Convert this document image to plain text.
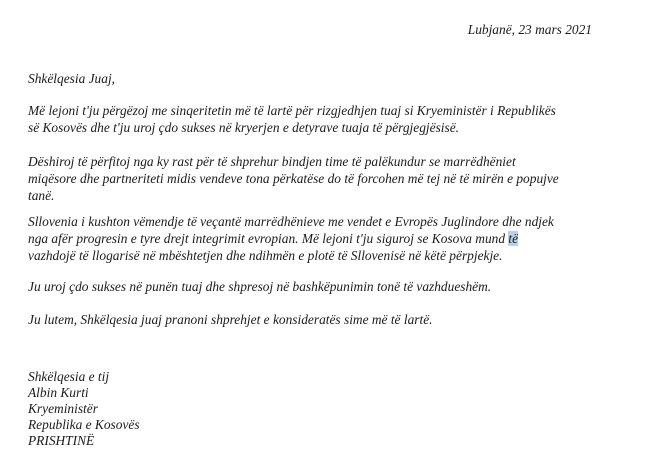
Lubjanë, 23 mars 2021

Shkëlqesia Juaj,

Më lejoni t'ju përgëzoj me sinqeritetin më të lartë për rizgjedhjen tuaj si Kryeministër i Republikës
së Kosovës dhe t'ju uroj çdo sukses në kryerjen e detyrave tuaja të përgjegjësisë.

Dëshiroj të përfitoj nga ky rast për të shprehur bindjen time të palëkundur se marrëdhëniet
miqësore dhe partneriteti midis vendeve tona përkatëse do të forcohen më tej në të mirën e popujve
tanë.

Sllovenia i kushton vëmendje të veçantë marrëdhënieve me vendet e Evropës Juglindore dhe ndjek
nga afër progresin e tyre drejt integrimit evropian. Më lejoni t'ju siguroj se Kosova mund të
vazhdojë të llogarisë në mbështetjen dhe ndihmën e plotë të Sllovenisë në këtë përpjekje.

Ju uroj çdo sukses në punën tuaj dhe shpresoj në bashkëpunimin tonë të vazhdueshëm.

Ju lutem, Shkëlqesia juaj pranoni shprehjet e konsideratës sime më të lartë.

Shkëlqesia e tij
Albin Kurti
Kryeministër
Republika e Kosovës
PRISHTINË
